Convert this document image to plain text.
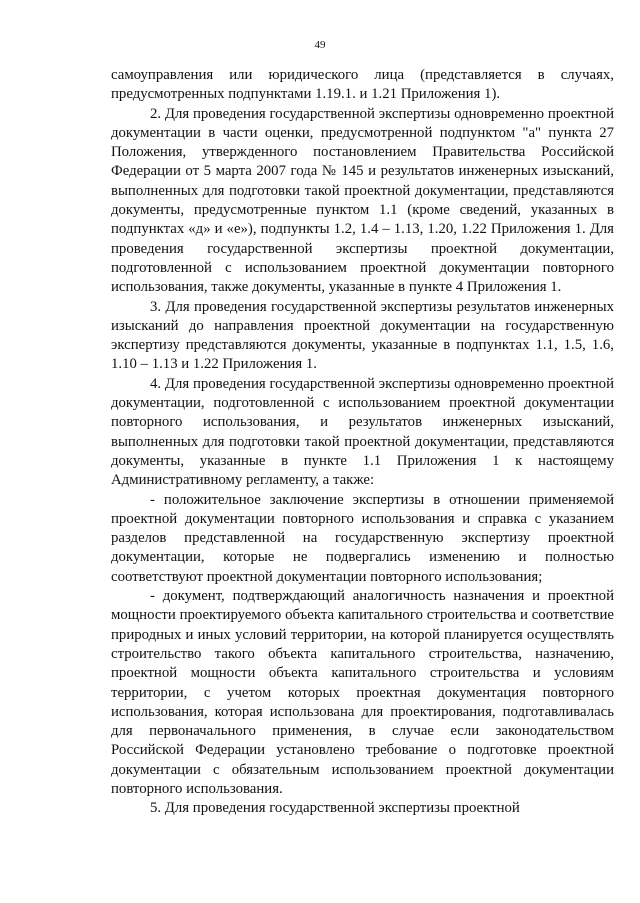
49

самоуправления или юридического лица (представляется в случаях, предусмотренных подпунктами 1.19.1. и 1.21 Приложения 1).

2. Для проведения государственной экспертизы одновременно проектной документации в части оценки, предусмотренной подпунктом "а" пункта 27 Положения, утвержденного постановлением Правительства Российской Федерации от 5 марта 2007 года № 145 и результатов инженерных изысканий, выполненных для подготовки такой проектной документации, представляются документы, предусмотренные пунктом 1.1 (кроме сведений, указанных в подпунктах «д» и «е»), подпункты 1.2, 1.4 – 1.13, 1.20, 1.22 Приложения 1. Для проведения государственной экспертизы проектной документации, подготовленной с использованием проектной документации повторного использования, также документы, указанные в пункте 4 Приложения 1.

3. Для проведения государственной экспертизы результатов инженерных изысканий до направления проектной документации на государственную экспертизу представляются документы, указанные в подпунктах 1.1, 1.5, 1.6, 1.10 – 1.13 и 1.22 Приложения 1.

4. Для проведения государственной экспертизы одновременно проектной документации, подготовленной с использованием проектной документации повторного использования, и результатов инженерных изысканий, выполненных для подготовки такой проектной документации, представляются документы, указанные в пункте 1.1 Приложения 1 к настоящему Административному регламенту, а также:

- положительное заключение экспертизы в отношении применяемой проектной документации повторного использования и справка с указанием разделов представленной на государственную экспертизу проектной документации, которые не подвергались изменению и полностью соответствуют проектной документации повторного использования;

- документ, подтверждающий аналогичность назначения и проектной мощности проектируемого объекта капитального строительства и соответствие природных и иных условий территории, на которой планируется осуществлять строительство такого объекта капитального строительства, назначению, проектной мощности объекта капитального строительства и условиям территории, с учетом которых проектная документация повторного использования, которая использована для проектирования, подготавливалась для первоначального применения, в случае если законодательством Российской Федерации установлено требование о подготовке проектной документации с обязательным использованием проектной документации повторного использования.

5. Для проведения государственной экспертизы проектной
